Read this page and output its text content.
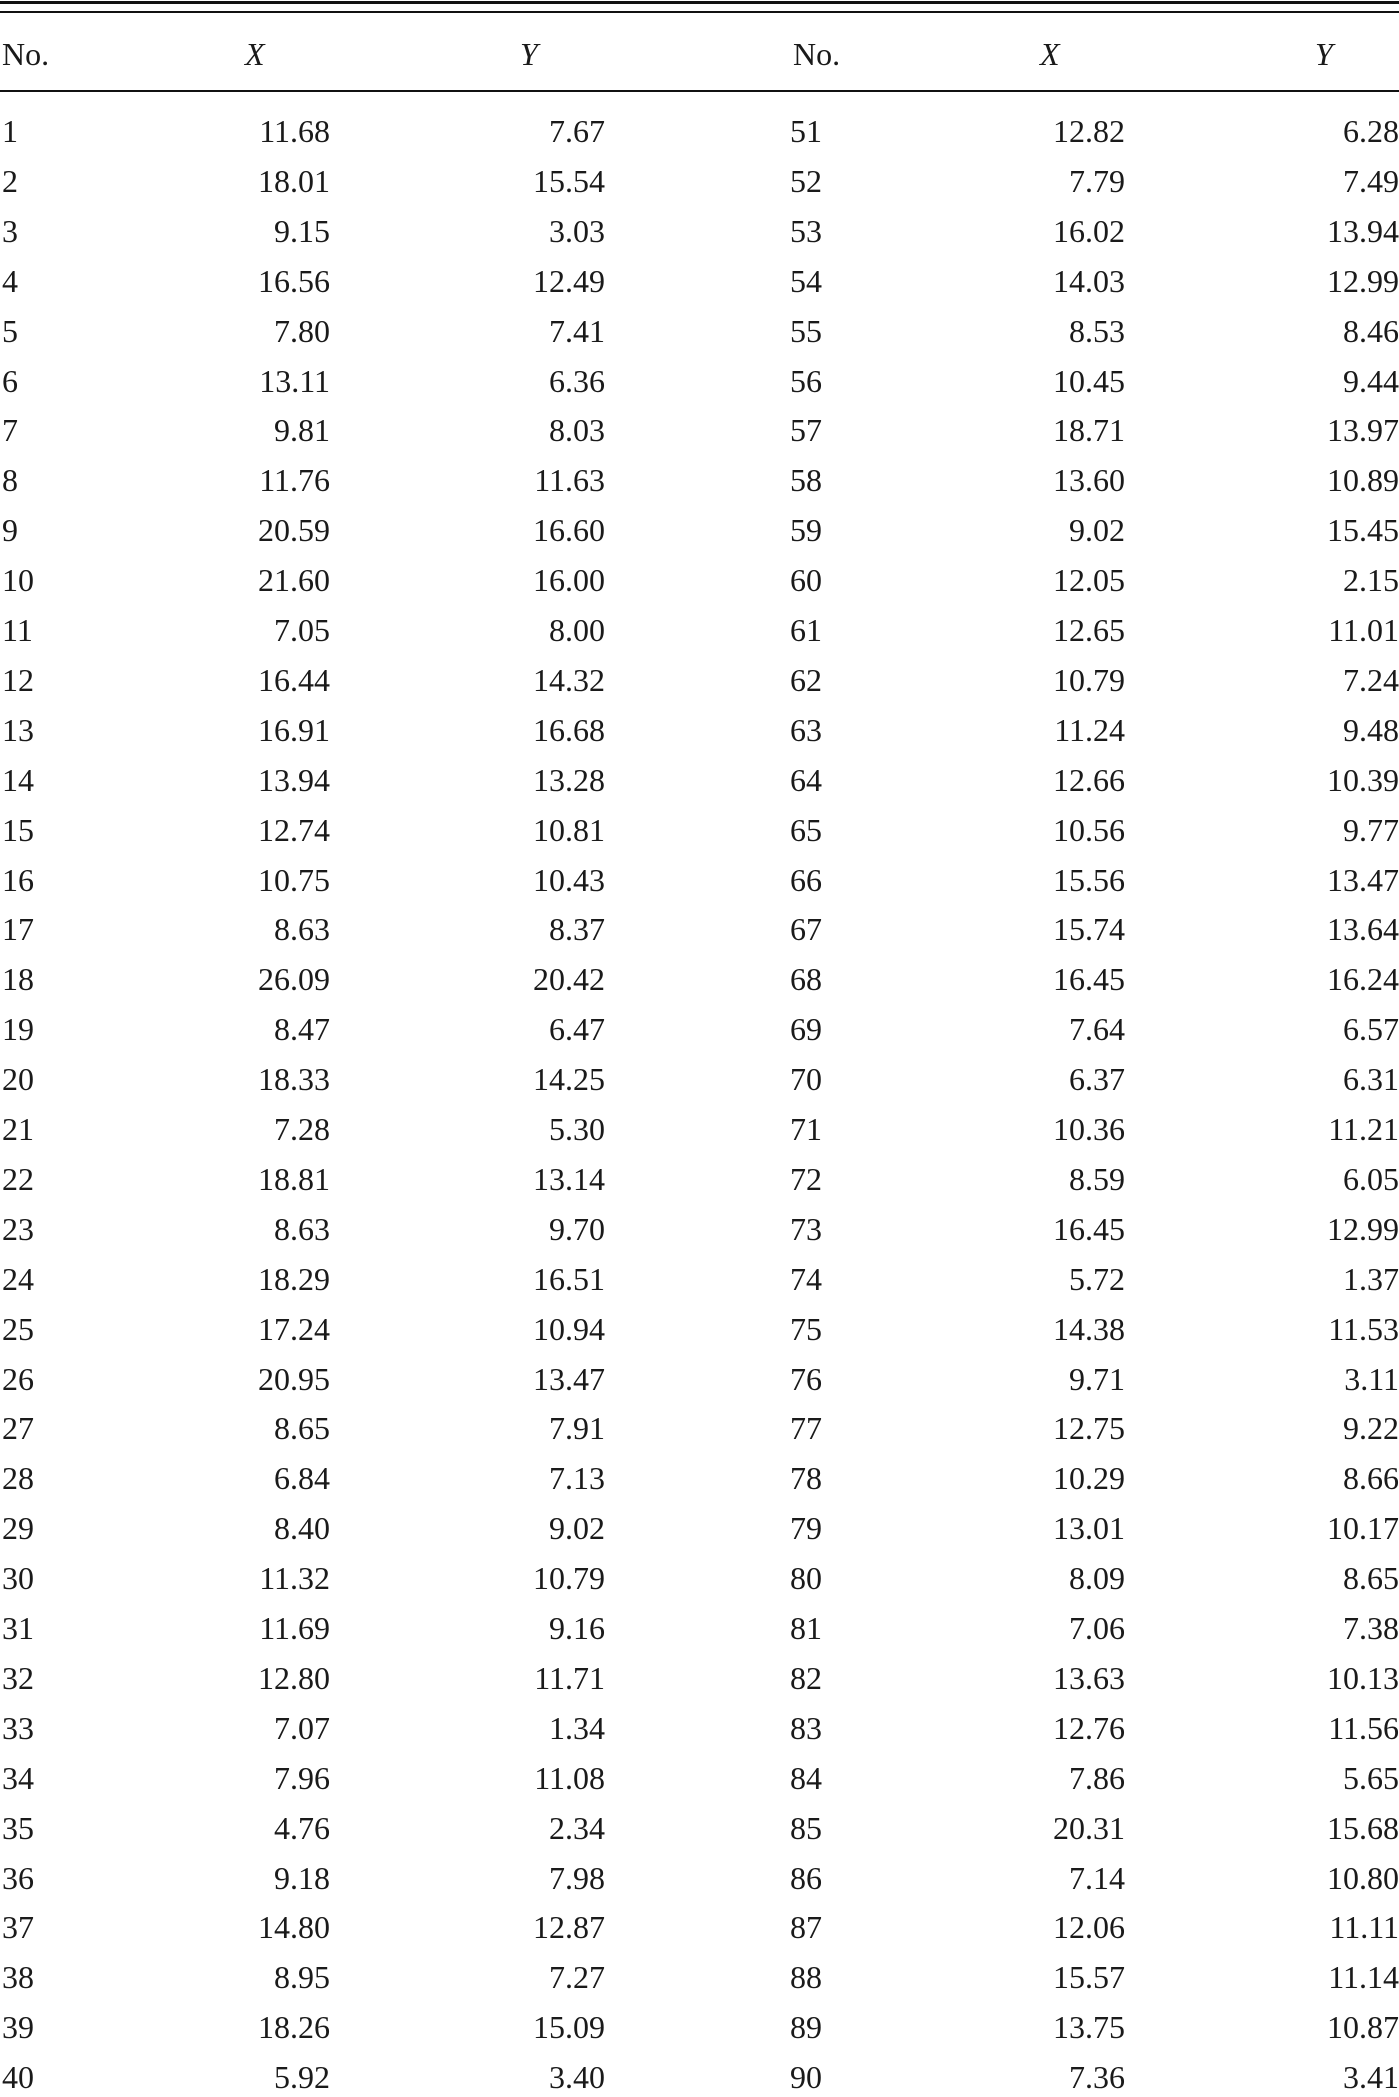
No.	X	Y	No.	X	Y
1	11.68	7.67	51	12.82	6.28
2	18.01	15.54	52	7.79	7.49
3	9.15	3.03	53	16.02	13.94
4	16.56	12.49	54	14.03	12.99
5	7.80	7.41	55	8.53	8.46
6	13.11	6.36	56	10.45	9.44
7	9.81	8.03	57	18.71	13.97
8	11.76	11.63	58	13.60	10.89
9	20.59	16.60	59	9.02	15.45
10	21.60	16.00	60	12.05	2.15
11	7.05	8.00	61	12.65	11.01
12	16.44	14.32	62	10.79	7.24
13	16.91	16.68	63	11.24	9.48
14	13.94	13.28	64	12.66	10.39
15	12.74	10.81	65	10.56	9.77
16	10.75	10.43	66	15.56	13.47
17	8.63	8.37	67	15.74	13.64
18	26.09	20.42	68	16.45	16.24
19	8.47	6.47	69	7.64	6.57
20	18.33	14.25	70	6.37	6.31
21	7.28	5.30	71	10.36	11.21
22	18.81	13.14	72	8.59	6.05
23	8.63	9.70	73	16.45	12.99
24	18.29	16.51	74	5.72	1.37
25	17.24	10.94	75	14.38	11.53
26	20.95	13.47	76	9.71	3.11
27	8.65	7.91	77	12.75	9.22
28	6.84	7.13	78	10.29	8.66
29	8.40	9.02	79	13.01	10.17
30	11.32	10.79	80	8.09	8.65
31	11.69	9.16	81	7.06	7.38
32	12.80	11.71	82	13.63	10.13
33	7.07	1.34	83	12.76	11.56
34	7.96	11.08	84	7.86	5.65
35	4.76	2.34	85	20.31	15.68
36	9.18	7.98	86	7.14	10.80
37	14.80	12.87	87	12.06	11.11
38	8.95	7.27	88	15.57	11.14
39	18.26	15.09	89	13.75	10.87
40	5.92	3.40	90	7.36	3.41
